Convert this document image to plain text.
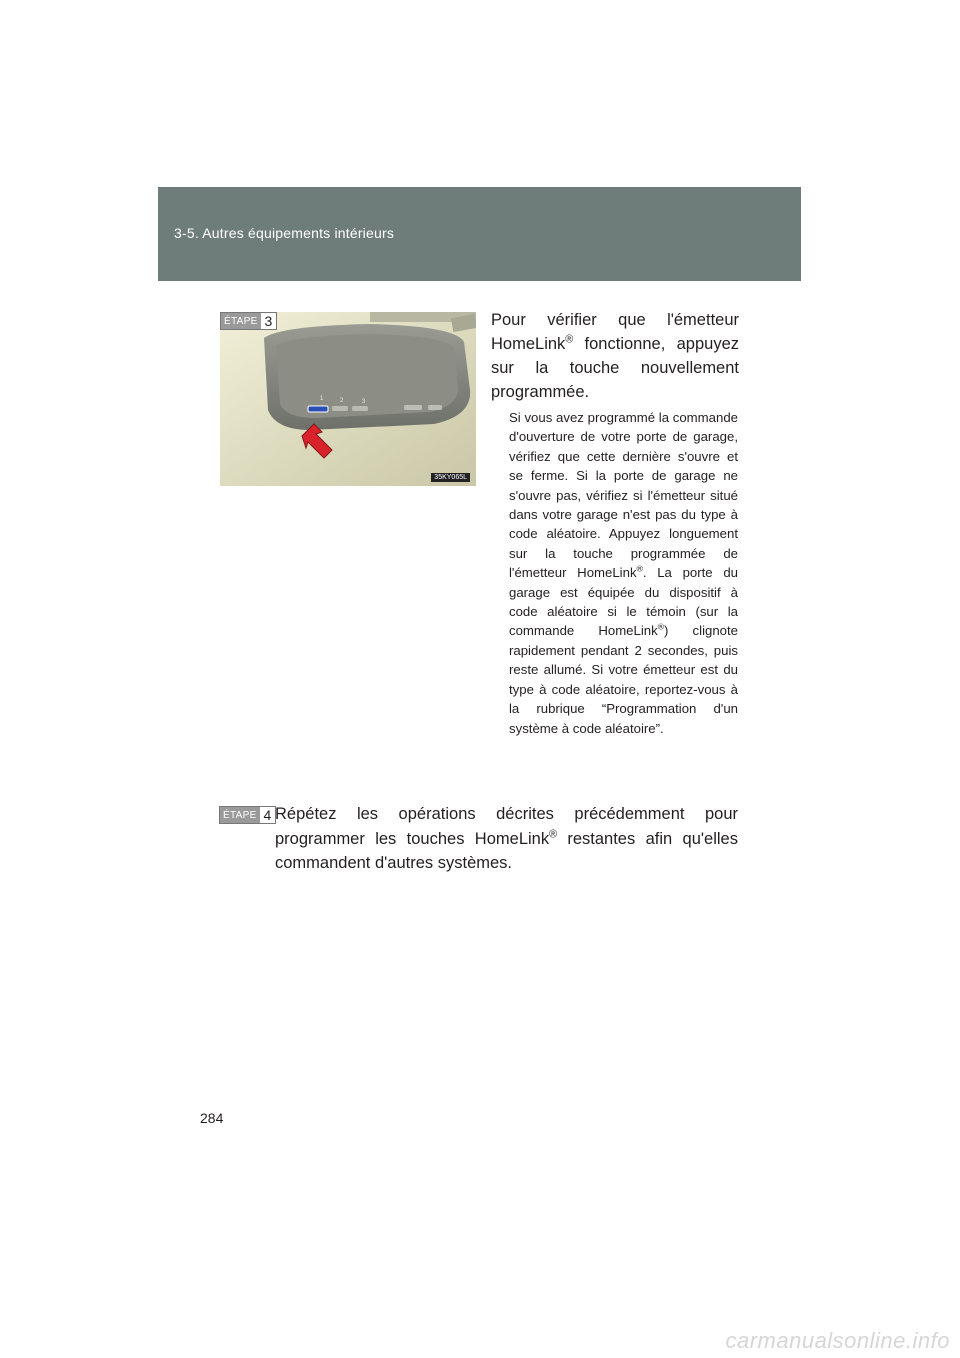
3-5. Autres équipements intérieurs
1	2	3
ÉTAPE 3
35KY065L
Pour vérifier que l'émetteur HomeLink® fonctionne, appuyez sur la touche nouvellement programmée.
Si vous avez programmé la commande d'ouverture de votre porte de garage, vérifiez que cette dernière s'ouvre et se ferme. Si la porte de garage ne s'ouvre pas, vérifiez si l'émetteur situé dans votre garage n'est pas du type à code aléatoire. Appuyez longuement sur la touche programmée de l'émetteur HomeLink®. La porte du garage est équipée du dispositif à code aléatoire si le témoin (sur la commande HomeLink®) clignote rapidement pendant 2 secondes, puis reste allumé. Si votre émetteur est du type à code aléatoire, reportez-vous à la rubrique “Programmation d'un système à code aléatoire”.
ÉTAPE 4 Répétez les opérations décrites précédemment pour programmer les touches HomeLink® restantes afin qu'elles commandent d'autres systèmes.
284
carmanualsonline.info
